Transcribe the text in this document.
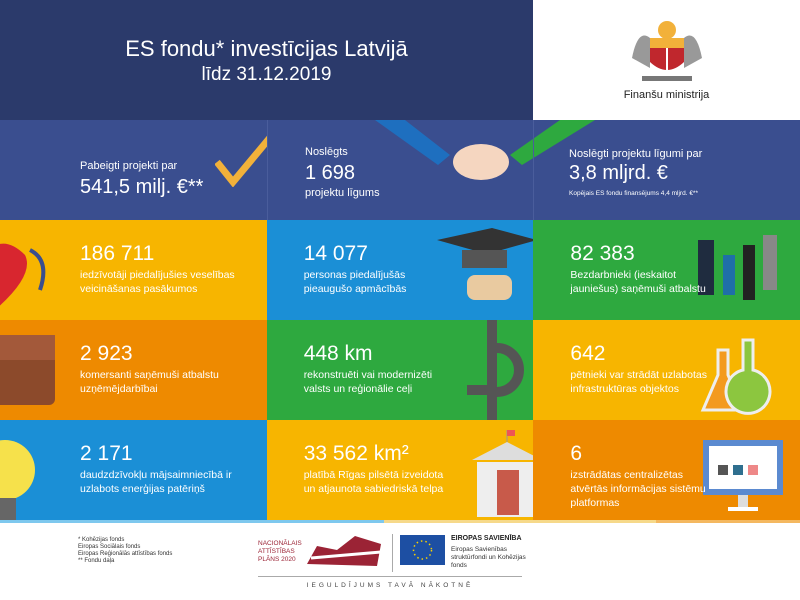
ES fondu* investīcijas Latvijā
līdz 31.12.2019
Finanšu ministrija
Pabeigti projekti par
541,5 milj. €**
Noslēgts
1 698
projektu līgums
Noslēgti projektu līgumi par
3,8 mljrd. €
Kopējais ES fondu finansējums 4,4 mljrd. €**
186 711
iedzīvotāji piedalījušies veselības veicināšanas pasākumos
14 077
personas piedalījušās pieaugušo apmācībās
82 383
Bezdarbnieki (ieskaitot jauniešus) saņēmuši atbalstu
2 923
komersanti saņēmuši atbalstu uzņēmējdarbībai
448 km
rekonstruēti vai modernizēti valsts un reģionālie ceļi
642
pētnieki var strādāt uzlabotas infrastruktūras objektos
2 171
daudzdzīvokļu mājsaimniecībā ir uzlabots enerģijas patēriņš
33 562 km²
platībā Rīgas pilsētā izveidota un atjaunota sabiedriskā telpa
6
izstrādātas centralizētas atvērtās informācijas sistēmu platformas
* Kohēzijas fonds
Eiropas Sociālais fonds
Eiropas Reģionālās attīstības fonds
** Fondu daļa
NACIONĀLAIS ATTĪSTĪBAS PLĀNS 2020
EIROPAS SAVIENĪBA
Eiropas Savienības struktūrfondi un Kohēzijas fonds
IEGULDĪJUMS TAVĀ NĀKOTNĒ
